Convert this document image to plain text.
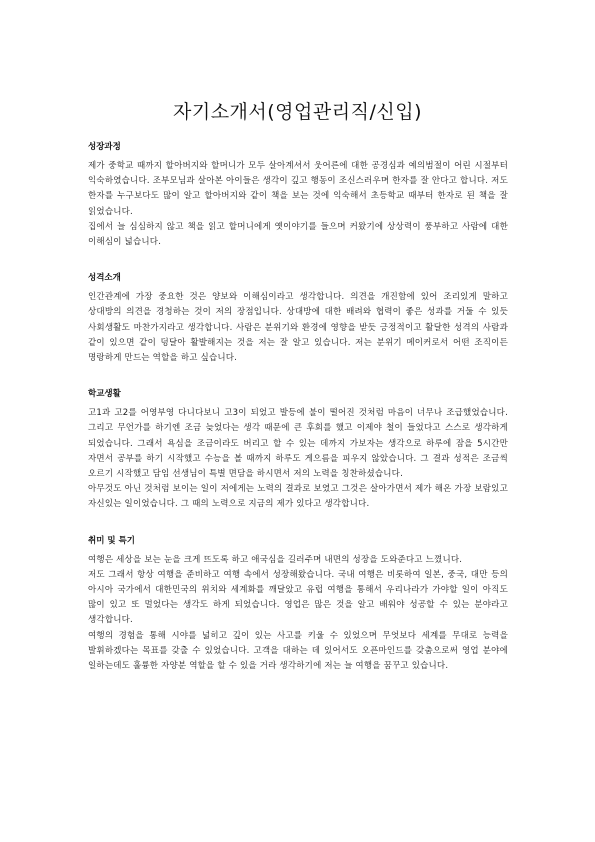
자기소개서(영업관리직/신입)
성장과정

제가 중학교 때까지 할아버지와 할머니가 모두 살아계셔서 웃어른에 대한 공경심과 예의범절이 어린 시절부터 익숙하였습니다. 조부모님과 살아본 아이들은 생각이 깊고 행동이 조신스러우며 한자를 잘 안다고 합니다. 저도 한자를 누구보다도 많이 알고 할아버지와 같이 책을 보는 것에 익숙해서 초등학교 때부터 한자로 된 책을 잘 읽었습니다.

집에서 늘 심심하지 않고 책을 읽고 할머니에게 옛이야기를 들으며 커왔기에 상상력이 풍부하고 사람에 대한 이해심이 넓습니다.

성격소개

인간관계에 가장 중요한 것은 양보와 이해심이라고 생각합니다. 의견을 개진함에 있어 조리있게 말하고 상대방의 의견을 경청하는 것이 저의 장점입니다. 상대방에 대한 배려와 협력이 좋은 성과를 거둘 수 있듯 사회생활도 마찬가지라고 생각합니다. 사람은 분위기와 환경에 영향을 받듯 긍정적이고 활달한 성격의 사람과 같이 있으면 같이 덩달아 활발해지는 것을 저는 잘 알고 있습니다. 저는 분위기 메이커로서 어떤 조직이든 명랑하게 만드는 역할을 하고 싶습니다.

학교생활

고1과 고2를 어영부영 다니다보니 고3이 되었고 발등에 불이 떨어진 것처럼 마음이 너무나 조급했었습니다. 그리고 무언가를 하기엔 조금 늦었다는 생각 때문에 큰 후회를 했고 이제야 철이 들었다고 스스로 생각하게 되었습니다. 그래서 욕심을 조금이라도 버리고 할 수 있는 데까지 가보자는 생각으로 하루에 잠을 5시간만 자면서 공부를 하기 시작했고 수능을 볼 때까지 하루도 게으름을 피우지 않았습니다. 그 결과 성적은 조금씩 오르기 시작했고 담임 선생님이 특별 면담을 하시면서 저의 노력을 칭찬하셨습니다.

아무것도 아닌 것처럼 보이는 일이 저에게는 노력의 결과로 보였고 그것은 살아가면서 제가 해온 가장 보람있고 자신있는 일이었습니다. 그 때의 노력으로 지금의 제가 있다고 생각합니다.

취미 및 특기

여행은 세상을 보는 눈을 크게 뜨도록 하고 애국심을 길러주며 내면의 성장을 도와준다고 느꼈니다.

저도 그래서 항상 여행을 준비하고 여행 속에서 성장해왔습니다. 국내 여행은 비롯하여 일본, 중국, 대만 등의 아시아 국가에서 대한민국의 위치와 세계화를 깨달았고 유럽 여행을 통해서 우리나라가 가야할 일이 아직도 많이 있고 또 멀었다는 생각도 하게 되었습니다. 영업은 많은 것을 알고 배워야 성공할 수 있는 분야라고 생각합니다.

여행의 경험을 통해 시야를 넓히고 깊이 있는 사고를 키울 수 있었으며 무엇보다 세계를 무대로 능력을 발휘하겠다는 목표를 갖출 수 있었습니다. 고객을 대하는 데 있어서도 오픈마인드를 갖춤으로써 영업 분야에 일하는데도 훌륭한 자양분 역할을 할 수 있을 거라 생각하기에 저는 늘 여행을 꿈꾸고 있습니다.
